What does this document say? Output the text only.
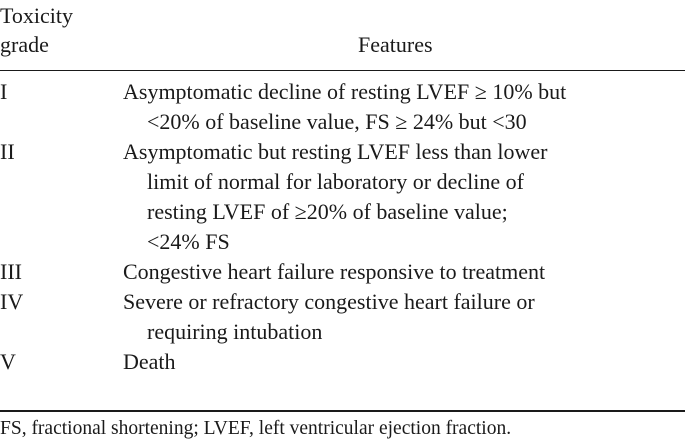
Toxicity
grade	Features
I	Asymptomatic decline of resting LVEF ≥ 10% but
<20% of baseline value, FS ≥ 24% but <30
II	Asymptomatic but resting LVEF less than lower
limit of normal for laboratory or decline of
resting LVEF of ≥20% of baseline value;
<24% FS
III	Congestive heart failure responsive to treatment
IV	Severe or refractory congestive heart failure or
requiring intubation
V	Death
FS, fractional shortening; LVEF, left ventricular ejection fraction.
